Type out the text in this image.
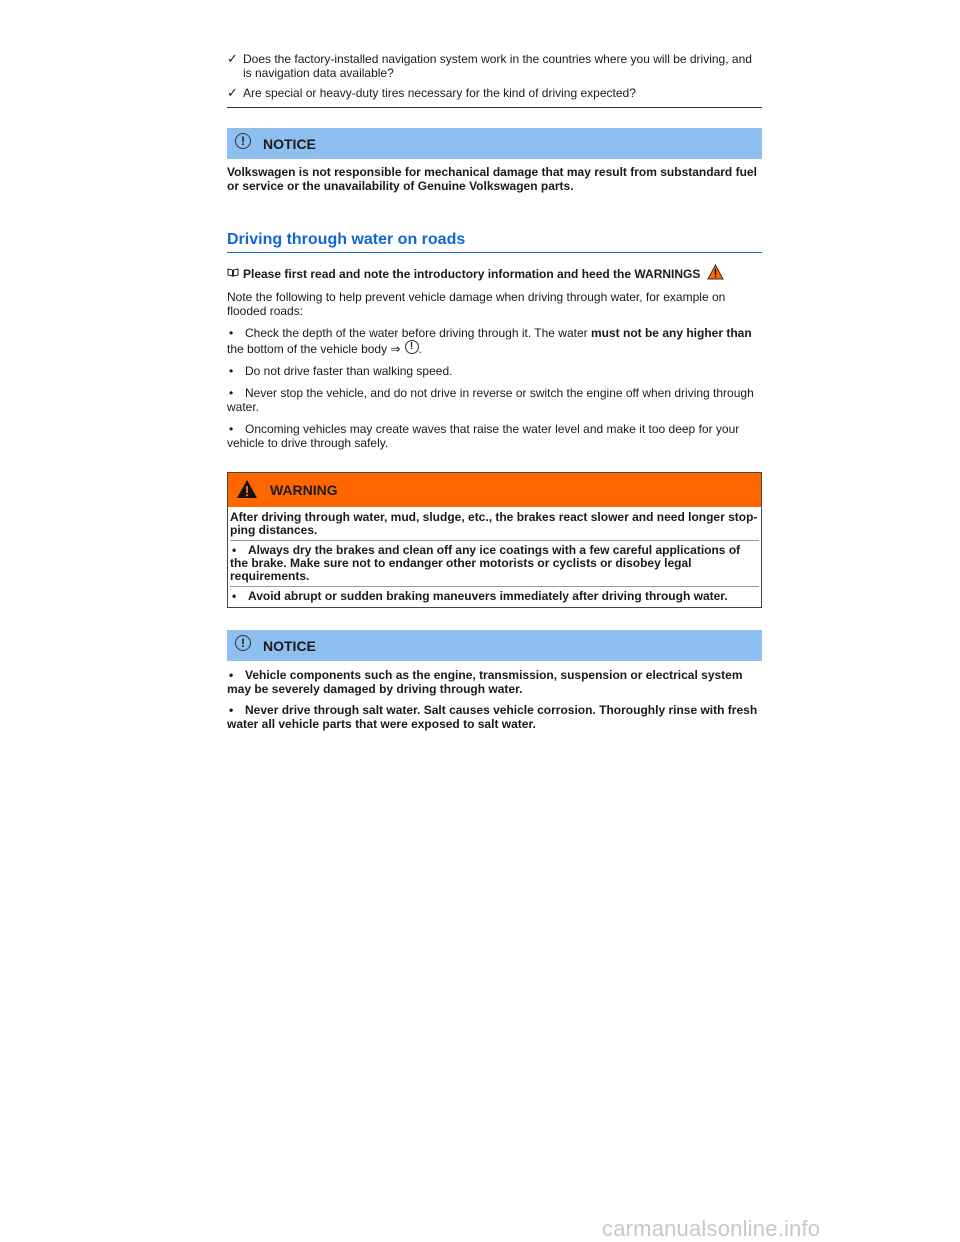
✓ Does the factory-installed navigation system work in the countries where you will be driving, and is navigation data available?
✓ Are special or heavy-duty tires necessary for the kind of driving expected?
!	NOTICE
Volkswagen is not responsible for mechanical damage that may result from substandard fuel or service or the unavailability of Genuine Volkswagen parts.
Driving through water on roads
Please first read and note the introductory information and heed the WARNINGS
Note the following to help prevent vehicle damage when driving through water, for example on flooded roads:
• Check the depth of the water before driving through it. The water must not be any higher than
the bottom of the vehicle body ⇒ ! .
• Do not drive faster than walking speed.
• Never stop the vehicle, and do not drive in reverse or switch the engine off when driving through water.
• Oncoming vehicles may create waves that raise the water level and make it too deep for your vehicle to drive through safely.
WARNING
After driving through water, mud, sludge, etc., the brakes react slower and need longer stop-ping distances.
• Always dry the brakes and clean off any ice coatings with a few careful applications of the brake. Make sure not to endanger other motorists or cyclists or disobey legal requirements.
• Avoid abrupt or sudden braking maneuvers immediately after driving through water.
!	NOTICE
• Vehicle components such as the engine, transmission, suspension or electrical system may be severely damaged by driving through water.
• Never drive through salt water. Salt causes vehicle corrosion. Thoroughly rinse with fresh water all vehicle parts that were exposed to salt water.
carmanualsonline.info
